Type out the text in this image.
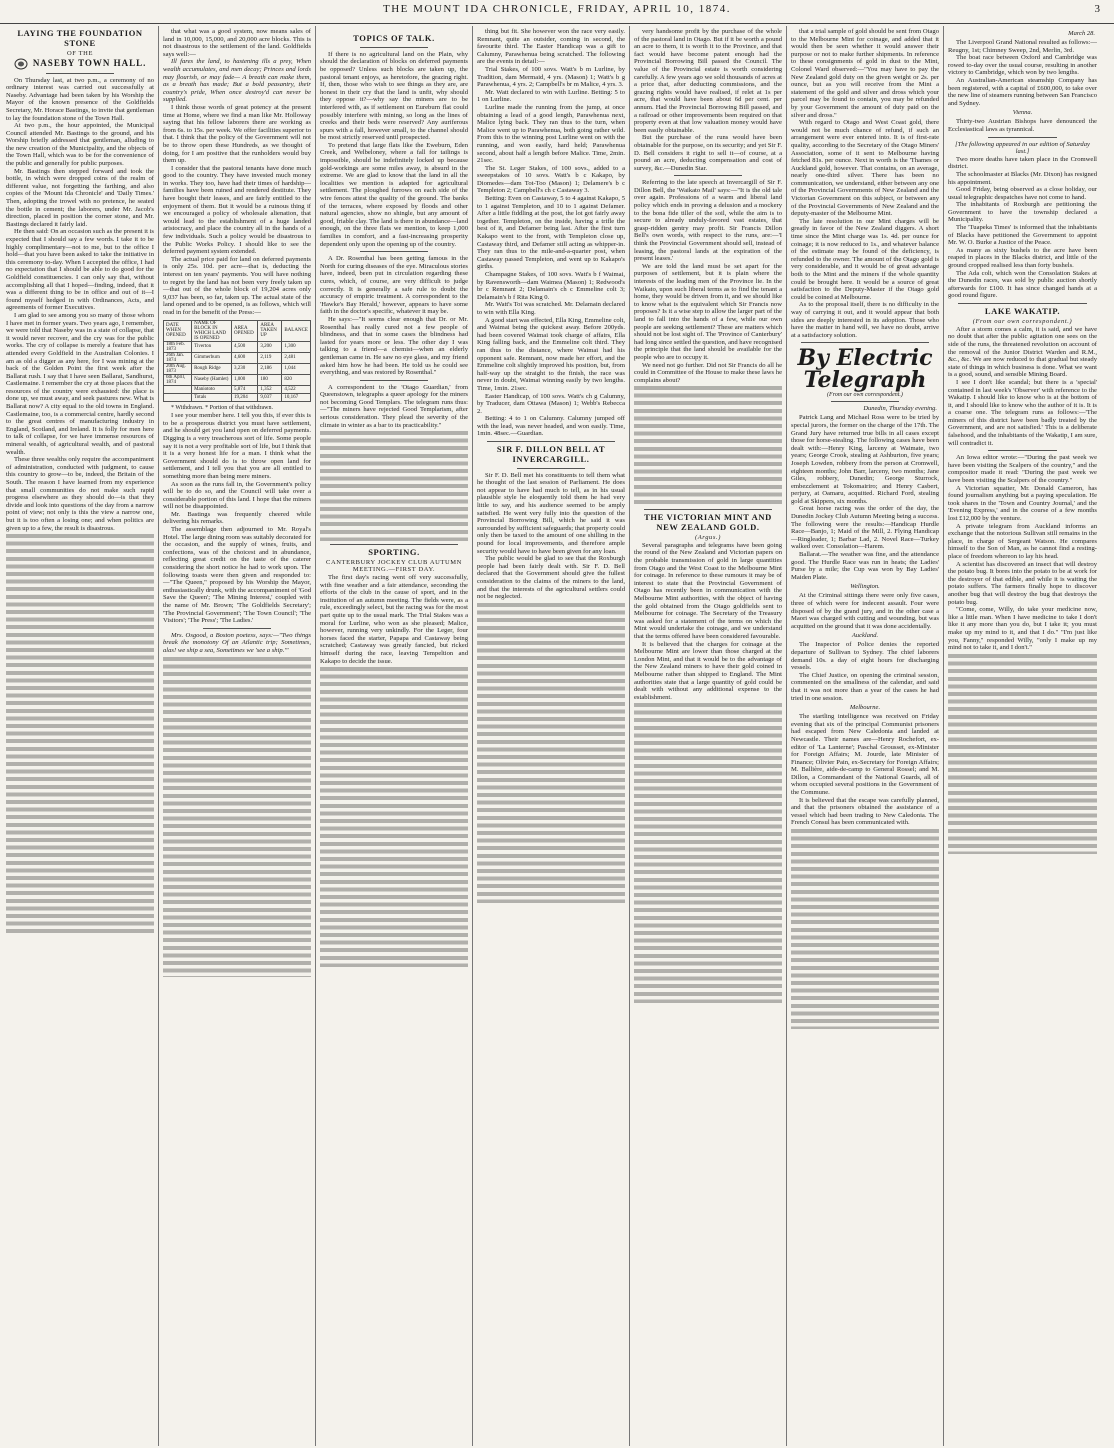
THE MOUNT IDA CHRONICLE, FRIDAY, APRIL 10, 1874.	3
LAYING THE FOUNDATION STONE
OF THE
NASEBY TOWN HALL.

On Thursday last, at two p.m., a ceremony of no ordinary interest was carried out successfully at Naseby. Advantage had been taken by his Worship the Mayor of the known presence of the Goldfields Secretary, Mr. Horace Bastings, to invite that gentleman to lay the foundation stone of the Town Hall.

At two p.m., the hour appointed, the Municipal Council attended Mr. Bastings to the ground, and his Worship briefly addressed that gentleman, alluding to the new creation of the Municipality, and the objects of the Town Hall, which was to be for the convenience of the public and generally for public purposes.

Mr. Bastings then stepped forward and took the bottle, in which were dropped coins of the realm of different value, not forgetting the farthing, and also copies of the 'Mount Ida Chronicle' and 'Daily Times.' Then, adopting the trowel with no pretence, he seated the bottle in cement; the laborers, under Mr. Jacob's direction, placed in position the corner stone, and Mr. Bastings declared it fairly laid.

He then said: On an occasion such as the present it is expected that I should say a few words. I take it to be highly complimentary—not to me, but to the office I hold—that you have been asked to take the initiative in this ceremony to-day. When I accepted the office, I had no expectation that I should be able to do good for the Goldfield constituencies. I can only say that, without accomplishing all that I hoped—finding, indeed, that it was a different thing to be in office and out of it—I found myself hedged in with Ordinances, Acts, and agreements of former Executives.

I am glad to see among you so many of those whom I have met in former years. Two years ago, I remember, we were told that Naseby was in a state of collapse, that it would never recover, and the cry was for the public works. The cry of collapse is merely a feature that has attended every Goldfield in the Australian Colonies. I am as old a digger as any here, for I was mining at the back of the Golden Point the first week after the Ballarat rush. I say that I have seen Ballarat, Sandhurst, Castlemaine. I remember the cry at those places that the resources of the country were exhausted: the place is done up, we must away, and seek pastures new. What is Ballarat now? A city equal to the old towns in England. Castlemaine, too, is a commercial centre, hardly second to the great centres of manufacturing industry in England, Scotland, and Ireland. It is folly for men here to talk of collapse, for we have immense resources of mineral wealth, of agricultural wealth, and of pastoral wealth.

These three wealths only require the accompaniment of administration, conducted with judgment, to cause this country to grow—to be, indeed, the Britain of the South. The reason I have learned from my experience that small communities do not make such rapid progress elsewhere as they should do—is that they divide and look into questions of the day from a narrow point of view; not only is this the view a narrow one, but it is too often a losing one; and when politics are given up to a few, the result is disastrous.

that what was a good system, now means sales of land in 10,000, 15,000, and 20,000 acre blocks. This is not disastrous to the settlement of the land. Goldfields says well:—

Ill fares the land, to hastening ills a prey, When wealth accumulates, and men decay; Princes and lords may flourish, or may fade— A breath can make them, as a breath has made; But a bold peasantry, their country's pride, When once destroy'd can never be supplied.

I think those words of great potency at the present time at Home, where we find a man like Mr. Holloway saying that his fellow laborers there are working as from 6s. to 15s. per week. We offer facilities superior to that. I think that the policy of the Government will not be to throw open these Hundreds, as we thought of doing, for I am positive that the runholders would buy them up.

I consider that the pastoral tenants have done much good to the country. They have invested much money in works. They too, have had their times of hardship—families have been ruined and rendered destitute. They have bought their leases, and are fairly entitled to the enjoyment of them. But it would be a ruinous thing if we encouraged a policy of wholesale alienation, that would lead to the establishment of a huge landed aristocracy, and place the country all in the hands of a few individuals. Such a policy would be disastrous to the Public Works Policy. I should like to see the deferred payment system extended.

The actual price paid for land on deferred payments is only 25s. 10d. per acre—that is, deducting the interest on ten years' payments. You will have nothing to regret by the land has not been very freely taken up—that out of the whole block of 19,204 acres only 9,037 has been, so far, taken up. The actual state of the land opened and to be opened, is as follows, which will read in for the benefit of the Press:—

DATE WHEN OPENED	NAME OF BLOCK IN WHICH LAND IS OPENED	AREA OPENED	AREA TAKEN UP	BALANCE
18th Feb. 1873	Tiverton	4,500	3,200	1,300
26th Jan. 1874	Gimmerburn	4,600	2,119	2,481
20th Aug. 1873	Rough Ridge	3,230	2,186	1,044
6th April, 1874	Naseby (Hamlet)	1,000	180	820
	Maniototo	5,874	1,352	4,522
	Totals	19,204	9,037	10,167

* Withdrawn. * Portion of that withdrawn.

I see your member here. I tell you this, if ever this is to be a prosperous district you must have settlement, and he should get you land open on deferred payments. Digging is a very treacherous sort of life. Some people say it is not a very profitable sort of life, but I think that it is a very honest life for a man. I think what the Government should do is to throw open land for settlement, and I tell you that you are all entitled to something more than being mere miners.

As soon as the runs fall in, the Government's policy will be to do so, and the Council will take over a considerable portion of this land. I hope that the miners will not be disappointed.

Mr. Bastings was frequently cheered while delivering his remarks.

The assemblage then adjourned to Mr. Royal's Hotel. The large dining room was suitably decorated for the occasion, and the supply of wines, fruits, and confections, was of the choicest and in abundance, reflecting great credit on the taste of the caterer considering the short notice he had to work upon. The following toasts were then given and responded to:—"The Queen," proposed by his Worship the Mayor, enthusiastically drunk, with the accompaniment of 'God Save the Queen'; 'The Mining Interest,' coupled with the name of Mr. Brown; 'The Goldfields Secretary'; 'The Provincial Government'; 'The Town Council'; 'The Visitors'; 'The Press'; 'The Ladies.'

Mrs. Osgood, a Boston poetess, says:—"Two things break the monotony Of an Atlantic trip; Sometimes, alas! we ship a sea, Sometimes we 'see a ship.'"

TOPICS OF TALK.

If there is no agricultural land on the Plain, why should the declaration of blocks on deferred payments be opposed? Unless such blocks are taken up, the pastoral tenant enjoys, as heretofore, the grazing right. If, then, those who wish to see things as they are, are honest in their cry that the land is unfit, why should they oppose it?—why say the miners are to be interfered with, as if settlement on Eureburn flat could possibly interfere with mining, so long as the lines of creeks and their beds were reserved? Any auriferous spurs with a fall, however small, to the channel should be most strictly reserved until prospected.

To pretend that large flats like the Eweburn, Eden Creek, and Welbeloney, where a fall for tailings is impossible, should be indefinitely locked up because gold-workings are some miles away, is absurd in the extreme. We are glad to know that the land in all the localities we mention is adapted for agricultural settlement. The ploughed furrows on each side of the wire fences attest the quality of the ground. The banks of the terraces, where exposed by floods and other natural agencies, show no shingle, but any amount of good, friable clay. The land is there in abundance—land enough, on the three flats we mention, to keep 1,000 families in comfort, and a fast-increasing prosperity dependent only upon the opening up of the country.

A Dr. Rosenthal has been getting famous in the North for curing diseases of the eye. Miraculous stories have, indeed, been put in circulation regarding these cures, which, of course, are very difficult to judge correctly. It is generally a safe rule to doubt the accuracy of empiric treatment. A correspondent to the 'Hawke's Bay Herald,' however, appears to have some faith in the doctor's specific, whatever it may be.

He says:—"It seems clear enough that Dr. or Mr. Rosenthal has really cured not a few people of blindness, and that in some cases the blindness had lasted for years more or less. The other day I was talking to a friend—a chemist—when an elderly gentleman came in. He saw no eye glass, and my friend asked him how he had been. He told us he could see everything, and was restored by Rosenthal."

A correspondent to the 'Otago Guardian,' from Queenstown, telegraphs a queer apology for the miners not becoming Good Templars. The telegram runs thus:—"The miners have rejected Good Templarism, after serious consideration. They plead the severity of the climate in winter as a bar to its practicability."

SPORTING.
CANTERBURY JOCKEY CLUB AUTUMN MEETING.—FIRST DAY.

The first day's racing went off very successfully, with fine weather and a fair attendance, seconding the efforts of the club in the cause of sport, and in the institution of an autumn meeting. The fields were, as a rule, exceedingly select, but the racing was for the most part quite up to the usual mark. The Trial Stakes was a moral for Lurline, who won as she pleased; Malice, however, running very unkindly. For the Leger, four horses faced the starter, Papapa and Castaway being scratched; Castaway was greatly fancied, but ricked himself during the race, leaving Tempeltion and Kakapo to decide the issue.

thing but fit. She however won the race very easily. Remnant, quite an outsider, coming in second, the favourite third. The Easter Handicap was a gift to Calumny, Parawhenua being scratched. The following are the events in detail:—

Trial Stakes, of 100 sovs. Watt's b m Lurline, by Tradition, dam Mermaid, 4 yrs. (Mason) 1; Watt's b g Parawhenua, 4 yrs. 2; Campbell's br m Malice, 4 yrs. 3.

Mr. Watt declared to win with Lurline. Betting: 5 to 1 on Lurline.

Lurline made the running from the jump, at once obtaining a lead of a good length, Parawhenua next, Malice lying back. They ran thus to the turn, when Malice went up to Parawhenua, both going rather wild. From this to the winning post Lurline went on with the running, and won easily, hard held; Parawhenua second, about half a length before Malice. Time, 2min. 21sec.

The St. Leger Stakes, of 100 sovs., added to a sweepstakes of 10 sovs. Watt's b c Kakapo, by Diomedes—dam Tot-Too (Mason) 1; Delamere's b c Templeton 2; Campbell's ch c Castaway 3.

Betting: Even on Castaway, 5 to 4 against Kakapo, 5 to 1 against Templeton, and 10 to 1 against Defamer. After a little fiddling at the post, the lot got fairly away together. Templeton, on the inside, having a trifle the best of it, and Defamer being last. After the first turn Kakapo went to the front, with Templeton close up, Castaway third, and Defamer still acting as whipper-in. They ran thus to the mile-and-a-quarter post, when Castaway passed Templeton, and went up to Kakapo's girths.

Champagne Stakes, of 100 sovs. Watt's b f Waimai, by Ravensworth—dam Waimea (Mason) 1; Redwood's br c Remnant 2; Delamain's ch c Emmeline colt 3; Delamain's b f Rita King 0.

Mr. Watt's Toi was scratched. Mr. Delamain declared to win with Ella King.

A good start was effected, Ella King, Emmeline colt, and Waimai being the quickest away. Before 200yds. had been covered Waimai took charge of affairs, Ella King falling back, and the Emmeline colt third. They ran thus to the distance, where Waimai had his opponent safe. Remnant, now made her effort, and the Emmeline colt slightly improved his position, but, from half-way up the straight to the finish, the race was never in doubt, Waimai winning easily by two lengths. Time, 1min. 21sec.

Easter Handicap, of 100 sovs. Watt's ch g Calumny, by Traducer, dam Ottawa (Mason) 1; Webb's Rebecca 2.

Betting: 4 to 1 on Calumny. Calumny jumped off with the lead, was never headed, and won easily. Time, 1min. 48sec.—Guardian.

SIR F. DILLON BELL AT INVERCARGILL.

Sir F. D. Bell met his constituents to tell them what he thought of the last session of Parliament. He does not appear to have had much to tell, as in his usual plausible style he eloquently told them he had very little to say, and his audience seemed to be amply satisfied. He went very fully into the question of the Provincial Borrowing Bill, which he said it was surrounded by sufficient safeguards; that property could only then be taxed to the amount of one shilling in the pound for local improvements, and therefore ample security would have to have been given for any loan.

The public would be glad to see that the Roxburgh people had been fairly dealt with. Sir F. D. Bell declared that the Government should give the fullest consideration to the claims of the miners to the land, and that the interests of the agricultural settlers could not be neglected.

very handsome profit by the purchase of the whole of the pastoral land in Otago. But if it be worth a pound an acre to them, it is worth it to the Province, and that fact would have become patent enough had the Provincial Borrowing Bill passed the Council. The value of the Provincial estate is worth considering carefully. A few years ago we sold thousands of acres at a price that, after deducting commissions, and the grazing rights would have realised, if relet at 1s per acre, that would have been about 6d per cent. per annum. Had the Provincial Borrowing Bill passed, and a railroad or other improvements been required on that property even at that low valuation money would have been easily obtainable.

But the purchase of the runs would have been obtainable for the purpose, on its security; and yet Sir F. D. Bell considers it right to sell it—of course, at a pound an acre, deducting compensation and cost of survey, &c.—Dunedin Star.

Referring to the late speech at Invercargill of Sir F. Dillon Bell, the 'Waikato Mail' says:—"It is the old tale over again. Professions of a warm and liberal land policy which ends in proving a delusion and a mockery to the bona fide tiller of the soil, while the aim is to secure to already unduly-favored vast estates, that grasp-ridden gentry may profit. Sir Francis Dillon Bell's own words, with respect to the runs, are:—'I think the Provincial Government should sell, instead of leasing, the pastoral lands at the expiration of the present leases.'

We are told the land must be set apart for the purposes of settlement, but it is plain where the interests of the leading men of the Province lie. In the Waikato, upon such liberal terms as to find the tenant a home, they would be driven from it, and we should like to know what is the equivalent which Sir Francis now proposes? Is it a wise step to allow the larger part of the land to fall into the hands of a few, while our own people are seeking settlement? These are matters which should not be lost sight of. The 'Province of Canterbury' had long since settled the question, and have recognised the principle that the land should be available for the people who are to occupy it.

We need not go further. Did not Sir Francis do all he could in Committee of the House to make these laws he complains about?

THE VICTORIAN MINT AND NEW ZEALAND GOLD.
(Argus.)

Several paragraphs and telegrams have been going the round of the New Zealand and Victorian papers on the probable transmission of gold in large quantities from Otago and the West Coast to the Melbourne Mint for coinage. In reference to these rumours it may be of interest to state that the Provincial Government of Otago has recently been in communication with the Melbourne Mint authorities, with the object of having the gold obtained from the Otago goldfields sent to Melbourne for coinage. The Secretary of the Treasury was asked for a statement of the terms on which the Mint would undertake the coinage, and we understand that the terms offered have been considered favourable.

It is believed that the charges for coinage at the Melbourne Mint are lower than those charged at the London Mint, and that it would be to the advantage of the New Zealand miners to have their gold coined in Melbourne rather than shipped to England. The Mint authorities state that a large quantity of gold could be dealt with without any additional expense to the establishment.

that a trial sample of gold should be sent from Otago to the Melbourne Mint for coinage, and added that it would then be seen whether it would answer their purpose or not to make further shipments. In reference to these consignments of gold in dust to the Mint, Colonel Ward observed:—"You may have to pay the New Zealand gold duty on the given weight or 2s. per ounce, but as you will receive from the Mint a statement of the gold and silver and dross which your parcel may be found to contain, you may be refunded by your Government the amount of duty paid on the silver and dross."

With regard to Otago and West Coast gold, there would not be much chance of refund, if such an arrangement were ever entered into. It is of first-rate quality, according to the Secretary of the Otago Miners' Association, some of it sent to Melbourne having fetched 81s. per ounce. Next in worth is the 'Thames or Auckland gold, however. That contains, on an average, nearly one-third silver. There has been no communication, we understand, either between any one of the Provincial Governments of New Zealand and the Victorian Government on this subject, or between any of the Provincial Governments of New Zealand and the deputy-master of the Melbourne Mint.

The late resolution in our Mint charges will be greatly in favor of the New Zealand diggers. A short time since the Mint charge was 1s. 4d. per ounce for coinage; it is now reduced to 1s., and whatever balance of the estimate may be found of the deficiency, is refunded to the owner. The amount of the Otago gold is very considerable, and it would be of great advantage both to the Mint and the miners if the whole quantity could be brought here. It would be a source of great satisfaction to the Deputy-Master if the Otago gold could be coined at Melbourne.

As to the proposal itself, there is no difficulty in the way of carrying it out, and it would appear that both sides are deeply interested in its adoption. Those who have the matter in hand will, we have no doubt, arrive at a satisfactory solution.

By Electric Telegraph
(From our own correspondent.)
Dunedin, Thursday evening.

Patrick Lang and Michael Ross were to be tried by special jurors, the former on the charge of the 17th. The Grand Jury have returned true bills in all cases except those for horse-stealing. The following cases have been dealt with:—Henry King, larceny at Waimate, two years; George Crook, stealing at Ashburton, five years; Joseph Lowden, robbery from the person at Cromwell, eighteen months; John Barr, larceny, two months; Jane Giles, robbery, Dunedin; George Sturrock, embezzlement at Tokomairiro; and Henry Casbert, perjury, at Oamaru, acquitted. Richard Ford, stealing gold at Skippers, six months.

Great horse racing was the order of the day, the Dunedin Jockey Club Autumn Meeting being a success. The following were the results:—Handicap Hurdle Race—Banjo, 1; Maid of the Mill, 2. Flying Handicap—Ringleader, 1; Barbar Lad, 2. Novel Race—Turkey walked over. Consolation—Harem.

Ballarat.—The weather was fine, and the attendance good. The Hurdle Race was run in heats; the Ladies' Purse by a mile; the Cup was won by Bay Ladies' Maiden Plate.

Wellington.

At the Criminal sittings there were only five cases, three of which were for indecent assault. Four were disposed of by the grand jury, and in the other case a Maori was charged with cutting and wounding, but was acquitted on the ground that it was done accidentally.

Auckland.

The Inspector of Police denies the reported departure of Sullivan to Sydney. The chief laborers demand 10s. a day of eight hours for discharging vessels.

The Chief Justice, on opening the criminal session, commented on the smallness of the calendar, and said that it was not more than a year of the cases he had tried in one session.

Melbourne.

The startling intelligence was received on Friday evening that six of the principal Communist prisoners had escaped from New Caledonia and landed at Newcastle. Their names are—Henry Rochefort, ex-editor of 'La Lanterne'; Paschal Grousset, ex-Minister for Foreign Affairs; M. Jourde, late Minister of Finance; Olivier Pain, ex-Secretary for Foreign Affairs; M. Ballière, aide-de-camp to General Rossel; and M. Dillon, a Commandant of the National Guards, all of whom occupied several positions in the Government of the Commune.

It is believed that the escape was carefully planned, and that the prisoners obtained the assistance of a vessel which had been trading to New Caledonia. The French Consul has been communicated with.

March 28.

The Liverpool Grand National resulted as follows:—Reugny, 1st; Chimney Sweep, 2nd, Merlin, 3rd.

The boat race between Oxford and Cambridge was rowed to-day over the usual course, resulting in another victory to Cambridge, which won by two lengths.

An Australian-American steamship Company has been registered, with a capital of £600,000, to take over the new line of steamers running between San Francisco and Sydney.

Vienna.

Thirty-two Austrian Bishops have denounced the Ecclesiastical laws as tyrannical.

[The following appeared in our edition of Saturday last.]

Two more deaths have taken place in the Cromwell district.

The schoolmaster at Blacks (Mr. Dixon) has resigned his appointment.

Good Friday, being observed as a close holiday, our usual telegraphic despatches have not come to hand.

The inhabitants of Roxburgh are petitioning the Government to have the township declared a Municipality.

The 'Tuapeka Times' is informed that the inhabitants of Blacks have petitioned the Government to appoint Mr. W. O. Burke a Justice of the Peace.

As many as sixty bushels to the acre have been reaped in places in the Blacks district, and little of the ground cropped realised less than forty bushels.

The Ada colt, which won the Consolation Stakes at the Dunedin races, was sold by public auction shortly afterwards for £100. It has since changed hands at a good round figure.

LAKE WAKATIP.
(From our own correspondent.)

After a storm comes a calm, it is said, and we have no doubt that after the public agitation one sees on the side of the runs, the threatened revolution on account of the removal of the Junior District Warden and R.M., &c., &c. We are now reduced to that gradual but steady state of things in which business is done. What we want is a good, sound, and sensible Mining Board.

I see I don't like scandal; but there is a 'special' contained in last week's 'Observer' with reference to the Wakatip. I should like to know who is at the bottom of it, and I should like to know who the author of it is. It is a coarse one. The telegram runs as follows:—'The miners of this district have been badly treated by the Government, and are not satisfied.' This is a deliberate falsehood, and the inhabitants of the Wakatip, I am sure, will contradict it.

An Iowa editor wrote:—"During the past week we have been visiting the Scalpers of the country," and the compositor made it read: "During the past week we have been visiting the Scalpers of the country."

A Victorian squatter, Mr. Donald Cameron, has found journalism anything but a paying speculation. He took shares in the 'Town and Country Journal,' and the 'Evening Express,' and in the course of a few months lost £12,000 by the venture.

A private telegram from Auckland informs an exchange that the notorious Sullivan still remains in the place, in charge of Sergeant Watson. He compares himself to the Son of Man, as he cannot find a resting-place of freedom whereon to lay his head.

A scientist has discovered an insect that will destroy the potato bug. It bores into the potato to be at work for the destroyer of that edible, and while it is waiting the potato suffers. The farmers finally hope to discover another bug that will destroy the bug that destroys the potato bug.

"Come, come, Willy, do take your medicine now, like a little man. When I have medicine to take I don't like it any more than you do, but I take it; you must make up my mind to it, and that I do." "I'm just like you, Fanny," responded Willy, "only I make up my mind not to take it, and I don't."
